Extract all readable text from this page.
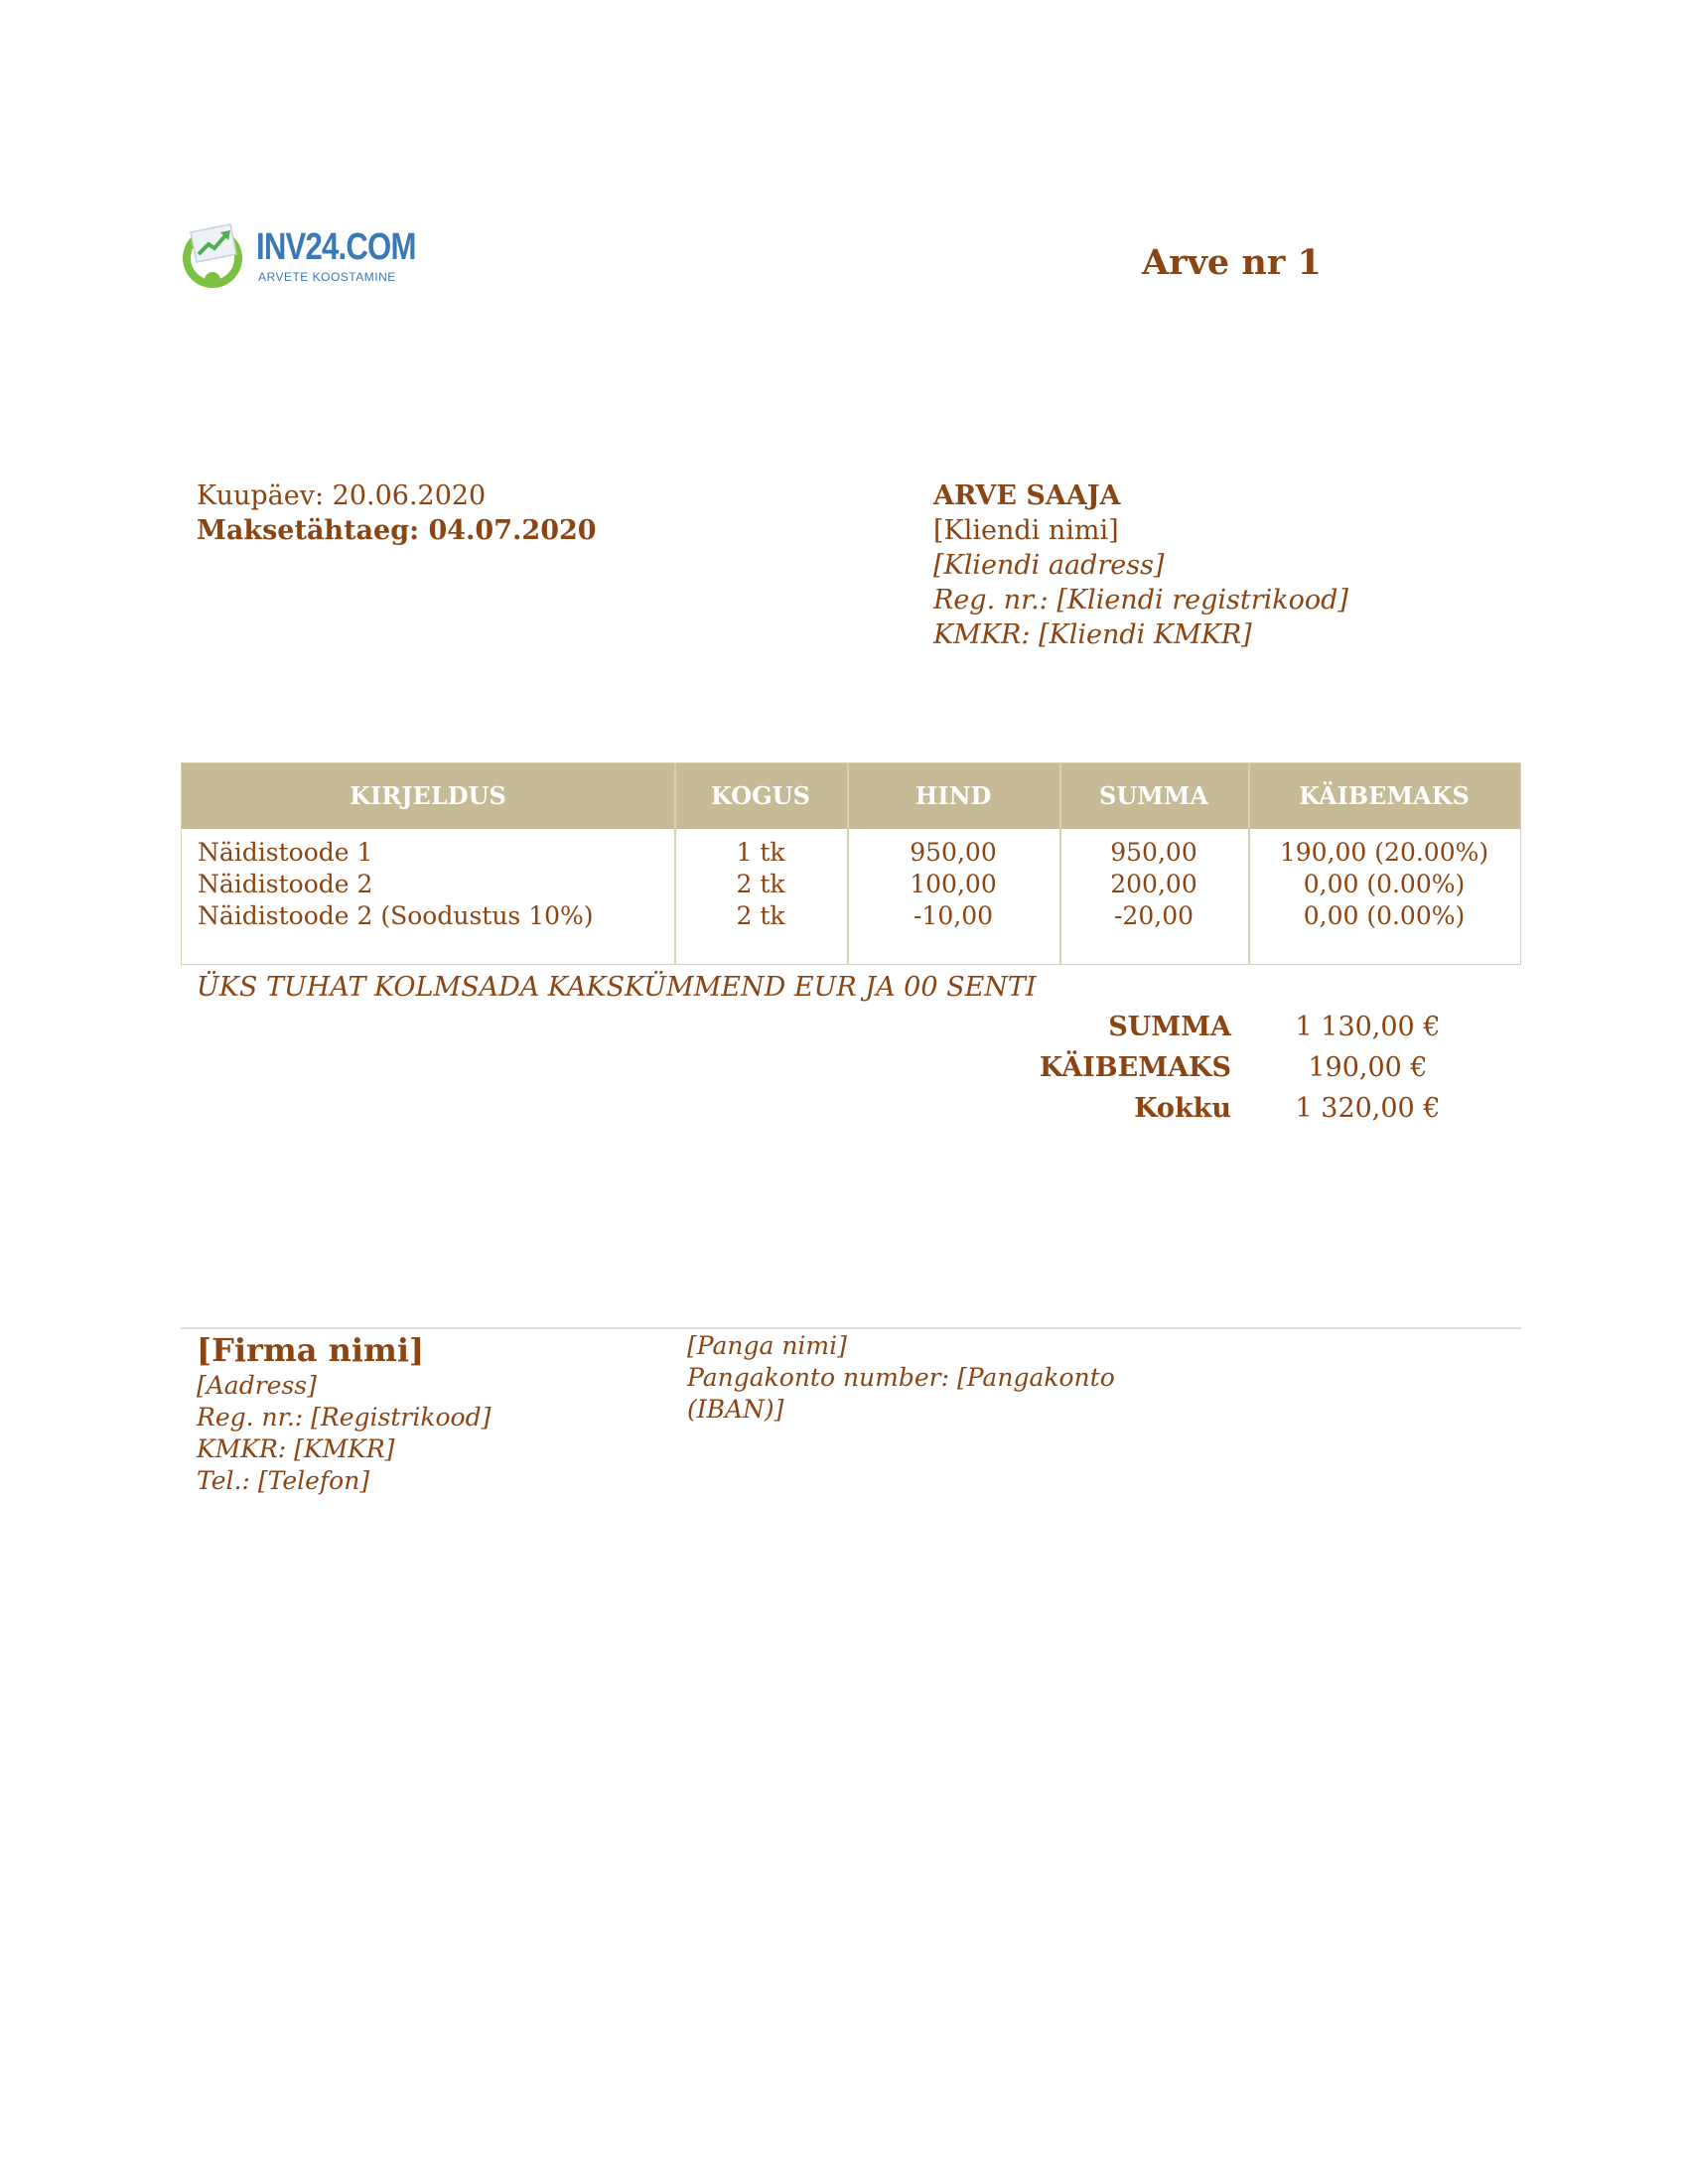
INV24.COM
ARVETE KOOSTAMINE	Arve nr 1
Kuupäev: 20.06.2020
Maksetähtaeg: 04.07.2020
ARVE SAAJA
[Kliendi nimi]
[Kliendi aadress]
Reg. nr.: [Kliendi registrikood]
KMKR: [Kliendi KMKR]
KIRJELDUS	KOGUS	HIND	SUMMA	KÄIBEMAKS
Näidistoode 1	1 tk	950,00	950,00	190,00 (20.00%)
Näidistoode 2	2 tk	100,00	200,00	0,00 (0.00%)
Näidistoode 2 (Soodustus 10%)	2 tk	-10,00	-20,00	0,00 (0.00%)
ÜKS TUHAT KOLMSADA KAKSKÜMMEND EUR JA 00 SENTI
SUMMA	1 130,00 €
KÄIBEMAKS	190,00 €
Kokku	1 320,00 €
[Firma nimi]
[Aadress]
Reg. nr.: [Registrikood]
KMKR: [KMKR]
Tel.: [Telefon]
[Panga nimi]
Pangakonto number: [Pangakonto
(IBAN)]
